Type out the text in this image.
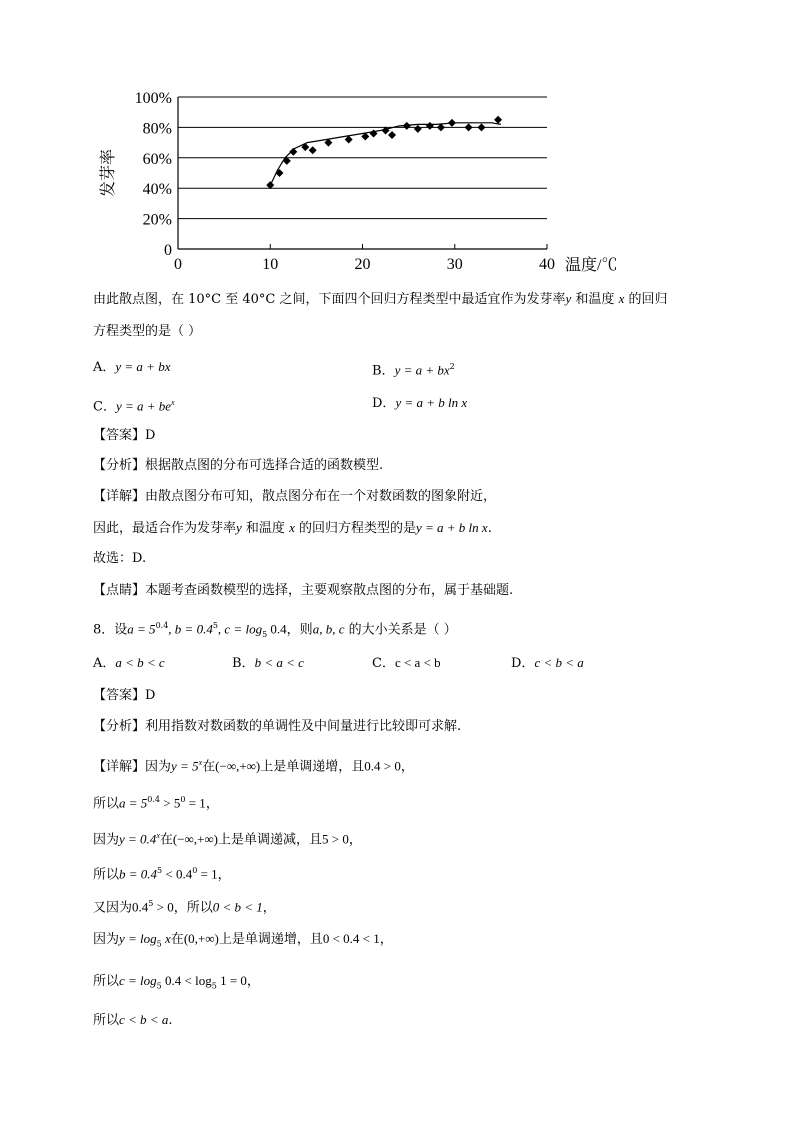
0
20%
40%
60%
80%
100%
0	10	20	30	40
发芽率
温度/℃
由此散点图，在 10°C 至 40°C 之间，下面四个回归方程类型中最适宜作为发芽率y 和温度 x 的回归
方程类型的是（ ）
A．y = a + bx	B．$y = a + bx^2$
C．$y = a + be^x$	D．y = a + b ln x
【答案】D
【分析】根据散点图的分布可选择合适的函数模型.
【详解】由散点图分布可知，散点图分布在一个对数函数的图象附近，
因此，最适合作为发芽率y 和温度 x 的回归方程类型的是y = a + b ln x.
故选：D.
【点睛】本题考查函数模型的选择，主要观察散点图的分布，属于基础题.
8．设$a = 5^{0.4}$, $b = 0.4^5$, $c = \log_5 0.4$，则a, b, c 的大小关系是（ ）
A．a < b < c	B．b < a < c	C．c < a < b	D．c < b < a
【答案】D
【分析】利用指数对数函数的单调性及中间量进行比较即可求解.
【详解】因为$y = 5^x$在(−∞,+∞)上是单调递增，且0.4 > 0，
所以$a = 5^{0.4} > 5^0 = 1$，
因为$y = 0.4^x$在(−∞,+∞)上是单调递减，且5 > 0，
所以$b = 0.4^5 < 0.4^0 = 1$，
又因为$0.4^5 > 0$，所以0 < b < 1，
因为$y = \log_5 x$在(0,+∞)上是单调递增，且0 < 0.4 < 1，
所以$c = \log_5 0.4 < \log_5 1 = 0$，
所以c < b < a.
